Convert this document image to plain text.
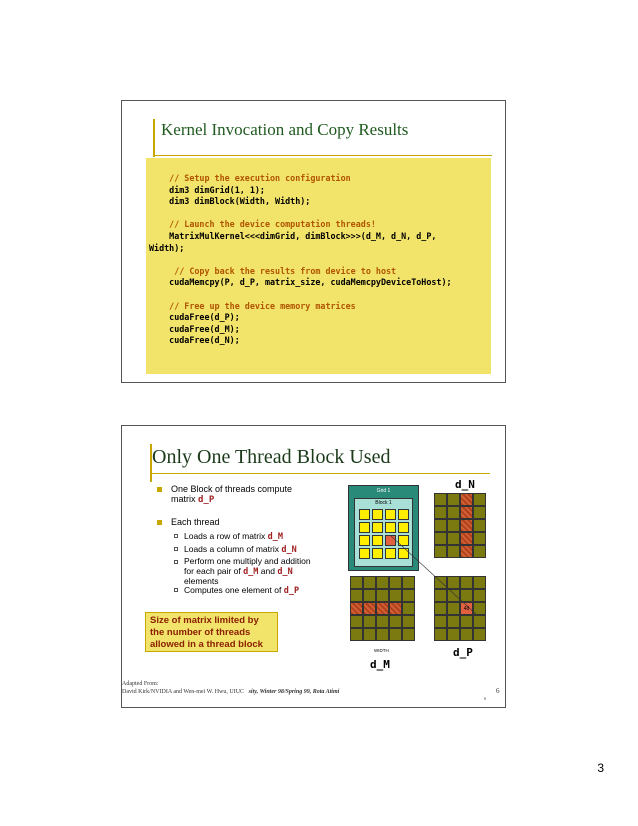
Kernel Invocation and Copy Results
// Setup the execution configuration
dim3 dimGrid(1, 1);
dim3 dimBlock(Width, Width);
// Launch the device computation threads!
MatrixMulKernel<<<dimGrid, dimBlock>>>(d_M, d_N, d_P,
Width);
// Copy back the results from device to host
cudaMemcpy(P, d_P, matrix_size, cudaMemcpyDeviceToHost);
// Free up the device memory matrices
cudaFree(d_P);
cudaFree(d_M);
cudaFree(d_N);
Only One Thread Block Used
One Block of threads compute matrix d_P
Each thread
Loads a row of matrix d_M
Loads a column of matrix d_N
Perform one multiply and addition for each pair of d_M and d_N elements
Computes one element of d_P
Size of matrix limited by the number of threads allowed in a thread block
Grid 1
Block 1
d_N
WIDTH
d_M
48
d_P
Adapted From:
David Kirk/NVIDIA and Wen-mei W. Hwu, UIUC sity, Winter 98/Spring 99, Rota Atimi	6
6
3
